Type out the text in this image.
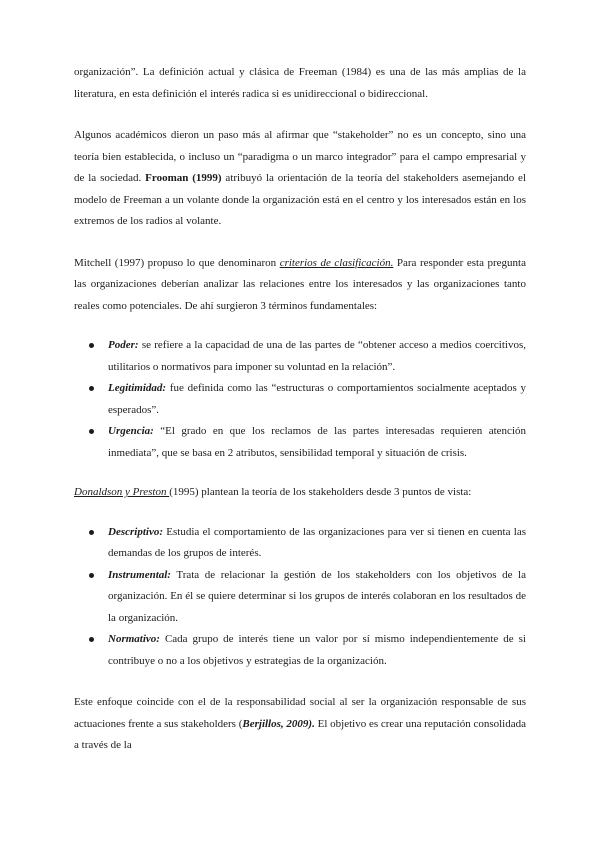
organización”. La definición actual y clásica de Freeman (1984) es una de las más amplias de la literatura, en esta definición el interés radica si es unidireccional o bidireccional.

Algunos académicos dieron un paso más al afirmar que “stakeholder” no es un concepto, sino una teoría bien establecida, o incluso un “paradigma o un marco integrador” para el campo empresarial y de la sociedad. Frooman (1999) atribuyó la orientación de la teoría del stakeholders asemejando el modelo de Freeman a un volante donde la organización está en el centro y los interesados están en los extremos de los radios al volante.

Mitchell (1997) propuso lo que denominaron criterios de clasificación. Para responder esta pregunta las organizaciones deberían analizar las relaciones entre los interesados y las organizaciones tanto reales como potenciales. De ahí surgieron 3 términos fundamentales:

Poder: se refiere a la capacidad de una de las partes de “obtener acceso a medios coercitivos, utilitarios o normativos para imponer su voluntad en la relación”.
Legitimidad: fue definida como las “estructuras o comportamientos socialmente aceptados y esperados”.
Urgencia: “El grado en que los reclamos de las partes interesadas requieren atención inmediata”, que se basa en 2 atributos, sensibilidad temporal y situación de crisis.

Donaldson y Preston (1995) plantean la teoría de los stakeholders desde 3 puntos de vista:

Descriptivo: Estudia el comportamiento de las organizaciones para ver si tienen en cuenta las demandas de los grupos de interés.
Instrumental: Trata de relacionar la gestión de los stakeholders con los objetivos de la organización. En él se quiere determinar si los grupos de interés colaboran en los resultados de la organización.
Normativo: Cada grupo de interés tiene un valor por sí mismo independientemente de si contribuye o no a los objetivos y estrategias de la organización.

Este enfoque coincide con el de la responsabilidad social al ser la organización responsable de sus actuaciones frente a sus stakeholders (Berjillos, 2009). El objetivo es crear una reputación consolidada a través de la
